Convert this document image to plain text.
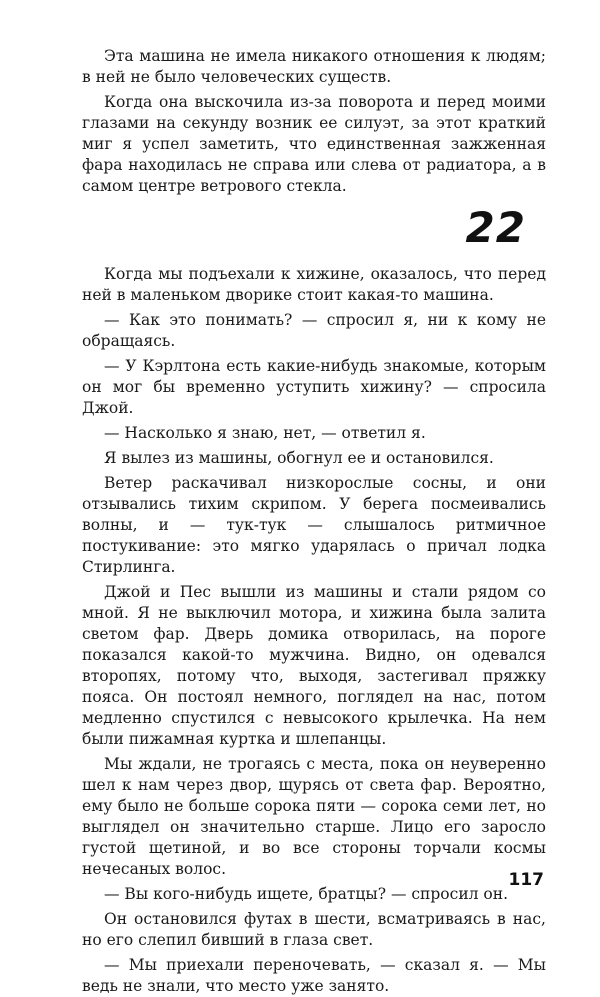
Эта машина не имела никакого отношения к людям; в ней не было человеческих существ.

Когда она выскочила из-за поворота и перед моими глазами на секунду возник ее силуэт, за этот краткий миг я успел заметить, что единственная зажженная фара находилась не справа или слева от радиатора, а в самом центре ветрового стекла.

22

Когда мы подъехали к хижине, оказалось, что перед ней в маленьком дворике стоит какая-то машина.

— Как это понимать? — спросил я, ни к кому не обращаясь.

— У Кэрлтона есть какие-нибудь знакомые, которым он мог бы временно уступить хижину? — спросила Джой.

— Насколько я знаю, нет, — ответил я.

Я вылез из машины, обогнул ее и остановился.

Ветер раскачивал низкорослые сосны, и они отзывались тихим скрипом. У берега посмеивались волны, и — тук-тук — слышалось ритмичное постукивание: это мягко ударялась о причал лодка Стирлинга.

Джой и Пес вышли из машины и стали рядом со мной. Я не выключил мотора, и хижина была залита светом фар. Дверь домика отворилась, на пороге показался какой-то мужчина. Видно, он одевался второпях, потому что, выходя, застегивал пряжку пояса. Он постоял немного, поглядел на нас, потом медленно спустился с невысокого крылечка. На нем были пижамная куртка и шлепанцы.

Мы ждали, не трогаясь с места, пока он неуверенно шел к нам через двор, щурясь от света фар. Вероятно, ему было не больше сорока пяти — сорока семи лет, но выглядел он значительно старше. Лицо его заросло густой щетиной, и во все стороны торчали космы нечесаных волос.

— Вы кого-нибудь ищете, братцы? — спросил он.

Он остановился футах в шести, всматриваясь в нас, но его слепил бивший в глаза свет.

— Мы приехали переночевать, — сказал я. — Мы ведь не знали, что место уже занято.

117
